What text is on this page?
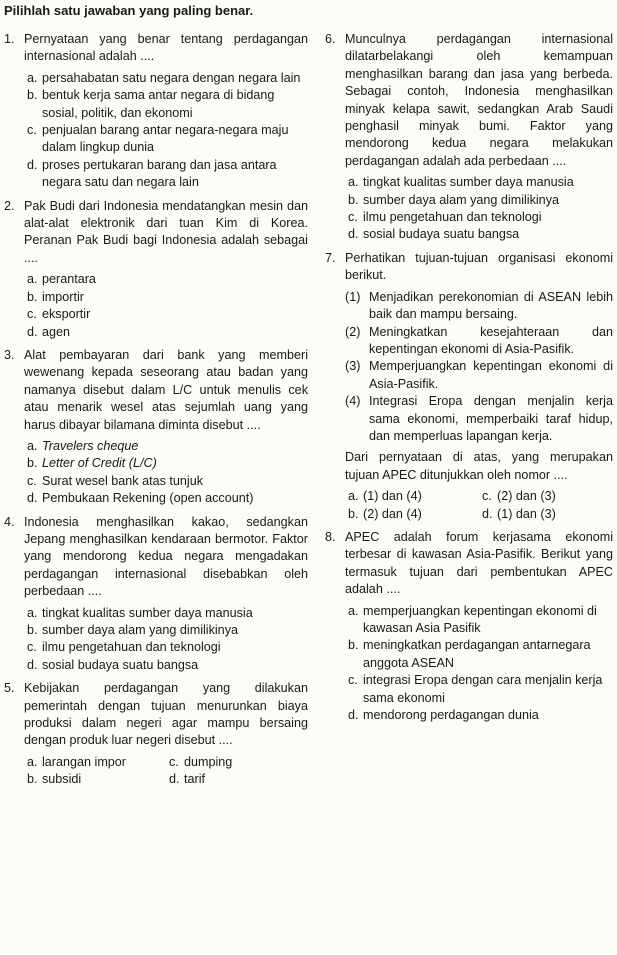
Pilihlah satu jawaban yang paling benar.
1. Pernyataan yang benar tentang perdagangan internasional adalah ....

a. persahabatan satu negara dengan negara lain
b. bentuk kerja sama antar negara di bidang sosial, politik, dan ekonomi
c. penjualan barang antar negara-negara maju dalam lingkup dunia
d. proses pertukaran barang dan jasa antara negara satu dan negara lain
2. Pak Budi dari Indonesia mendatangkan mesin dan alat-alat elektronik dari tuan Kim di Korea. Peranan Pak Budi bagi Indonesia adalah sebagai ....

a. perantara
b. importir
c. eksportir
d. agen
3. Alat pembayaran dari bank yang memberi wewenang kepada seseorang atau badan yang namanya disebut dalam L/C untuk menulis cek atau menarik wesel atas sejumlah uang yang harus dibayar bilamana diminta disebut ....

a. Travelers cheque
b. Letter of Credit (L/C)
c. Surat wesel bank atas tunjuk
d. Pembukaan Rekening (open account)
4. Indonesia menghasilkan kakao, sedangkan Jepang menghasilkan kendaraan bermotor. Faktor yang mendorong kedua negara mengadakan perdagangan internasional disebabkan oleh perbedaan ....

a. tingkat kualitas sumber daya manusia
b. sumber daya alam yang dimilikinya
c. ilmu pengetahuan dan teknologi
d. sosial budaya suatu bangsa
5. Kebijakan perdagangan yang dilakukan pemerintah dengan tujuan menurunkan biaya produksi dalam negeri agar mampu bersaing dengan produk luar negeri disebut ....

a. larangan impor	c. dumping
b. subsidi	d. tarif
6. Munculnya perdagangan internasional dilatarbelakangi oleh kemampuan menghasilkan barang dan jasa yang berbeda. Sebagai contoh, Indonesia menghasilkan minyak kelapa sawit, sedangkan Arab Saudi penghasil minyak bumi. Faktor yang mendorong kedua negara melakukan perdagangan adalah ada perbedaan ....

a. tingkat kualitas sumber daya manusia
b. sumber daya alam yang dimilikinya
c. ilmu pengetahuan dan teknologi
d. sosial budaya suatu bangsa
7. Perhatikan tujuan-tujuan organisasi ekonomi berikut.

(1) Menjadikan perekonomian di ASEAN lebih baik dan mampu bersaing.
(2) Meningkatkan kesejahteraan dan kepentingan ekonomi di Asia-Pasifik.
(3) Memperjuangkan kepentingan ekonomi di Asia-Pasifik.
(4) Integrasi Eropa dengan menjalin kerja sama ekonomi, memperbaiki taraf hidup, dan memperluas lapangan kerja.

Dari pernyataan di atas, yang merupakan tujuan APEC ditunjukkan oleh nomor ....

a. (1) dan (4)	c. (2) dan (3)
b. (2) dan (4)	d. (1) dan (3)
8. APEC adalah forum kerjasama ekonomi terbesar di kawasan Asia-Pasifik. Berikut yang termasuk tujuan dari pembentukan APEC adalah ....

a. memperjuangkan kepentingan ekonomi di kawasan Asia Pasifik
b. meningkatkan perdagangan antarnegara anggota ASEAN
c. integrasi Eropa dengan cara menjalin kerja sama ekonomi
d. mendorong perdagangan dunia
